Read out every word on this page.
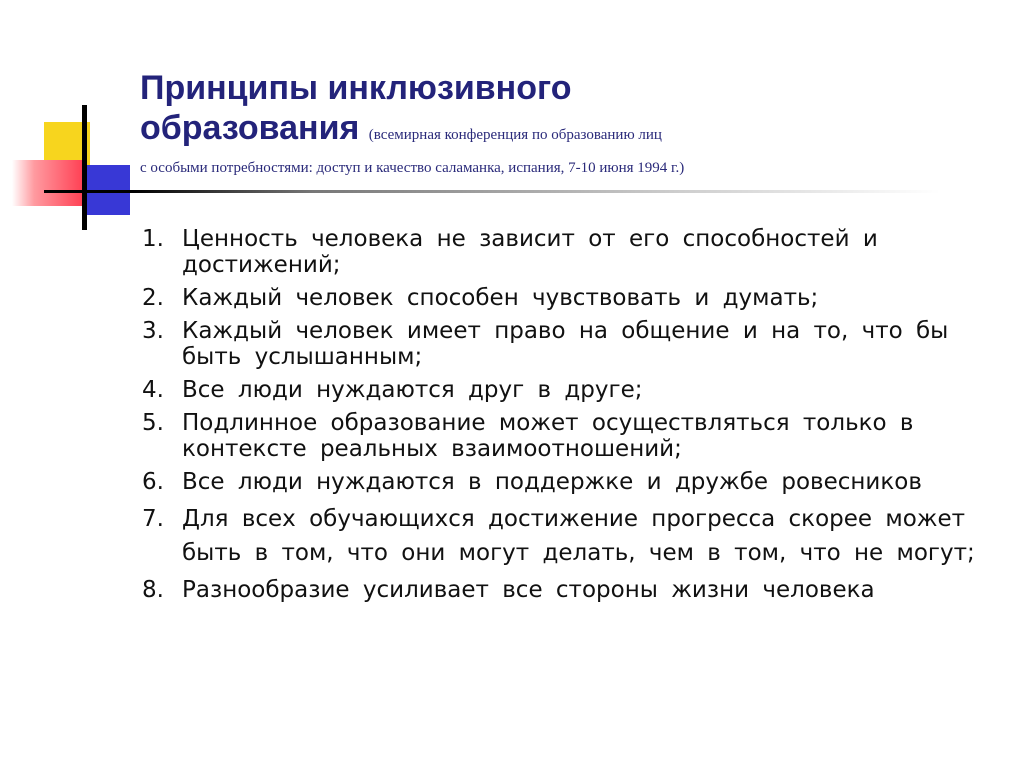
Принципы инклюзивного
образования (всемирная конференция по образованию лиц
с особыми потребностями: доступ и качество саламанка, испания, 7-10 июня 1994 г.)
1. Ценность человека не зависит от его способностей и достижений;
2. Каждый человек способен чувствовать и думать;
3. Каждый человек имеет право на общение и на то, что бы быть услышанным;
4. Все люди нуждаются друг в друге;
5. Подлинное образование может осуществляться только в контексте реальных взаимоотношений;
6. Все люди нуждаются в поддержке и дружбе ровесников
7. Для всех обучающихся достижение прогресса скорее может быть в том, что они могут делать, чем в том, что не могут;
8. Разнообразие усиливает все стороны жизни человека
